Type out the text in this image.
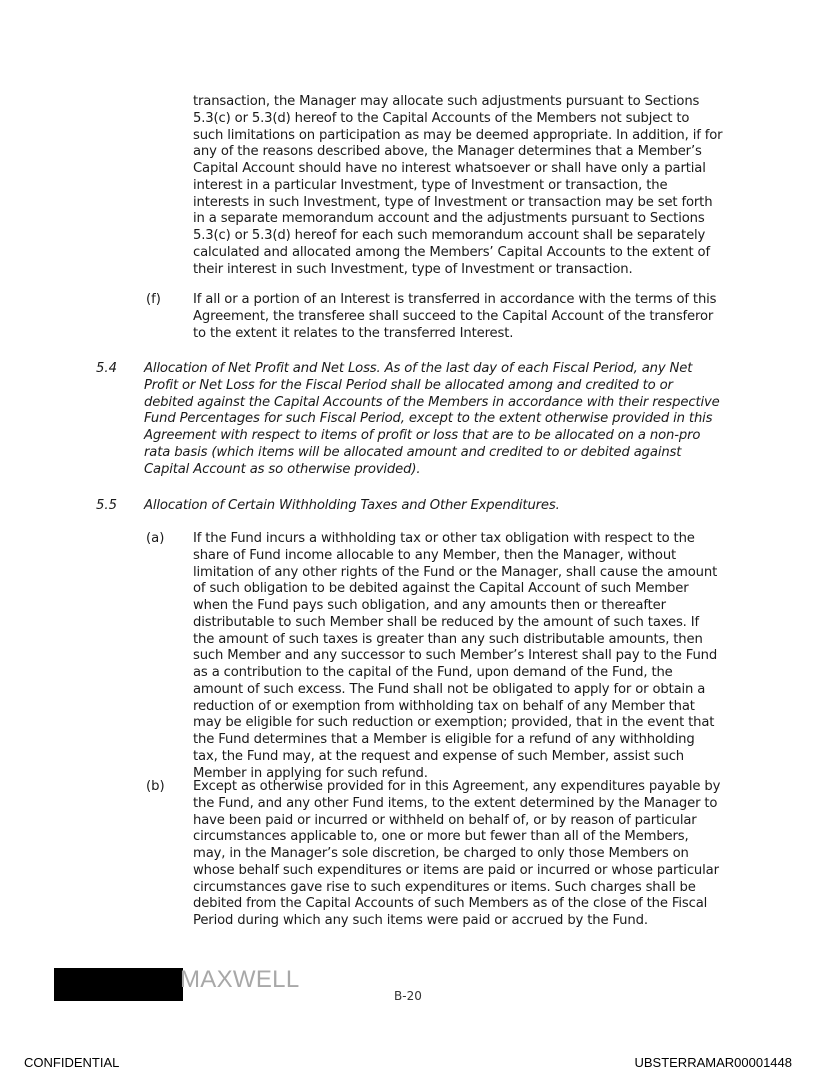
transaction, the Manager may allocate such adjustments pursuant to Sections 5.3(c) or 5.3(d) hereof to the Capital Accounts of the Members not subject to such limitations on participation as may be deemed appropriate. In addition, if for any of the reasons described above, the Manager determines that a Member’s Capital Account should have no interest whatsoever or shall have only a partial interest in a particular Investment, type of Investment or transaction, the interests in such Investment, type of Investment or transaction may be set forth in a separate memorandum account and the adjustments pursuant to Sections 5.3(c) or 5.3(d) hereof for each such memorandum account shall be separately calculated and allocated among the Members’ Capital Accounts to the extent of their interest in such Investment, type of Investment or transaction.

(f) If all or a portion of an Interest is transferred in accordance with the terms of this Agreement, the transferee shall succeed to the Capital Account of the transferor to the extent it relates to the transferred Interest.

5.4 Allocation of Net Profit and Net Loss. As of the last day of each Fiscal Period, any Net Profit or Net Loss for the Fiscal Period shall be allocated among and credited to or debited against the Capital Accounts of the Members in accordance with their respective Fund Percentages for such Fiscal Period, except to the extent otherwise provided in this Agreement with respect to items of profit or loss that are to be allocated on a non-pro rata basis (which items will be allocated amount and credited to or debited against Capital Account as so otherwise provided).

5.5 Allocation of Certain Withholding Taxes and Other Expenditures.

(a) If the Fund incurs a withholding tax or other tax obligation with respect to the share of Fund income allocable to any Member, then the Manager, without limitation of any other rights of the Fund or the Manager, shall cause the amount of such obligation to be debited against the Capital Account of such Member when the Fund pays such obligation, and any amounts then or thereafter distributable to such Member shall be reduced by the amount of such taxes. If the amount of such taxes is greater than any such distributable amounts, then such Member and any successor to such Member’s Interest shall pay to the Fund as a contribution to the capital of the Fund, upon demand of the Fund, the amount of such excess. The Fund shall not be obligated to apply for or obtain a reduction of or exemption from withholding tax on behalf of any Member that may be eligible for such reduction or exemption; provided, that in the event that the Fund determines that a Member is eligible for a refund of any withholding tax, the Fund may, at the request and expense of such Member, assist such Member in applying for such refund.

(b) Except as otherwise provided for in this Agreement, any expenditures payable by the Fund, and any other Fund items, to the extent determined by the Manager to have been paid or incurred or withheld on behalf of, or by reason of particular circumstances applicable to, one or more but fewer than all of the Members, may, in the Manager’s sole discretion, be charged to only those Members on whose behalf such expenditures or items are paid or incurred or whose particular circumstances gave rise to such expenditures or items. Such charges shall be debited from the Capital Accounts of such Members as of the close of the Fiscal Period during which any such items were paid or accrued by the Fund.

MAXWELL
B-20
CONFIDENTIAL	UBSTERRAMAR00001448
